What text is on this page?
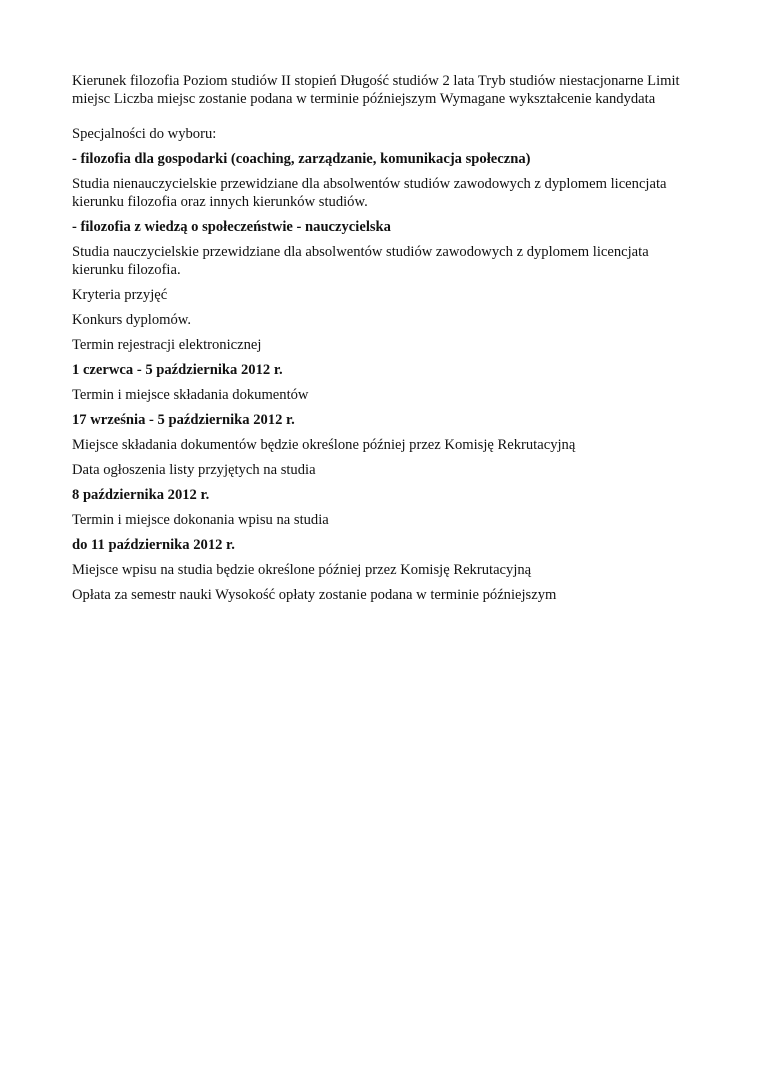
Kierunek filozofia Poziom studiów II stopień Długość studiów 2 lata Tryb studiów niestacjonarne Limit miejsc Liczba miejsc zostanie podana w terminie późniejszym Wymagane wykształcenie kandydata

Specjalności do wyboru:

- filozofia dla gospodarki (coaching, zarządzanie, komunikacja społeczna)

Studia nienauczycielskie przewidziane dla absolwentów studiów zawodowych z dyplomem licencjata kierunku filozofia oraz innych kierunków studiów.

- filozofia z wiedzą o społeczeństwie - nauczycielska

Studia nauczycielskie przewidziane dla absolwentów studiów zawodowych z dyplomem licencjata kierunku filozofia.

Kryteria przyjęć

Konkurs dyplomów.

Termin rejestracji elektronicznej

1 czerwca - 5 października 2012 r.

Termin i miejsce składania dokumentów

17 września - 5 października 2012 r.

Miejsce składania dokumentów będzie określone później przez Komisję Rekrutacyjną

Data ogłoszenia listy przyjętych na studia

8 października 2012 r.

Termin i miejsce dokonania wpisu na studia

do 11 października 2012 r.

Miejsce wpisu na studia będzie określone później przez Komisję Rekrutacyjną

Opłata za semestr nauki Wysokość opłaty zostanie podana w terminie późniejszym
